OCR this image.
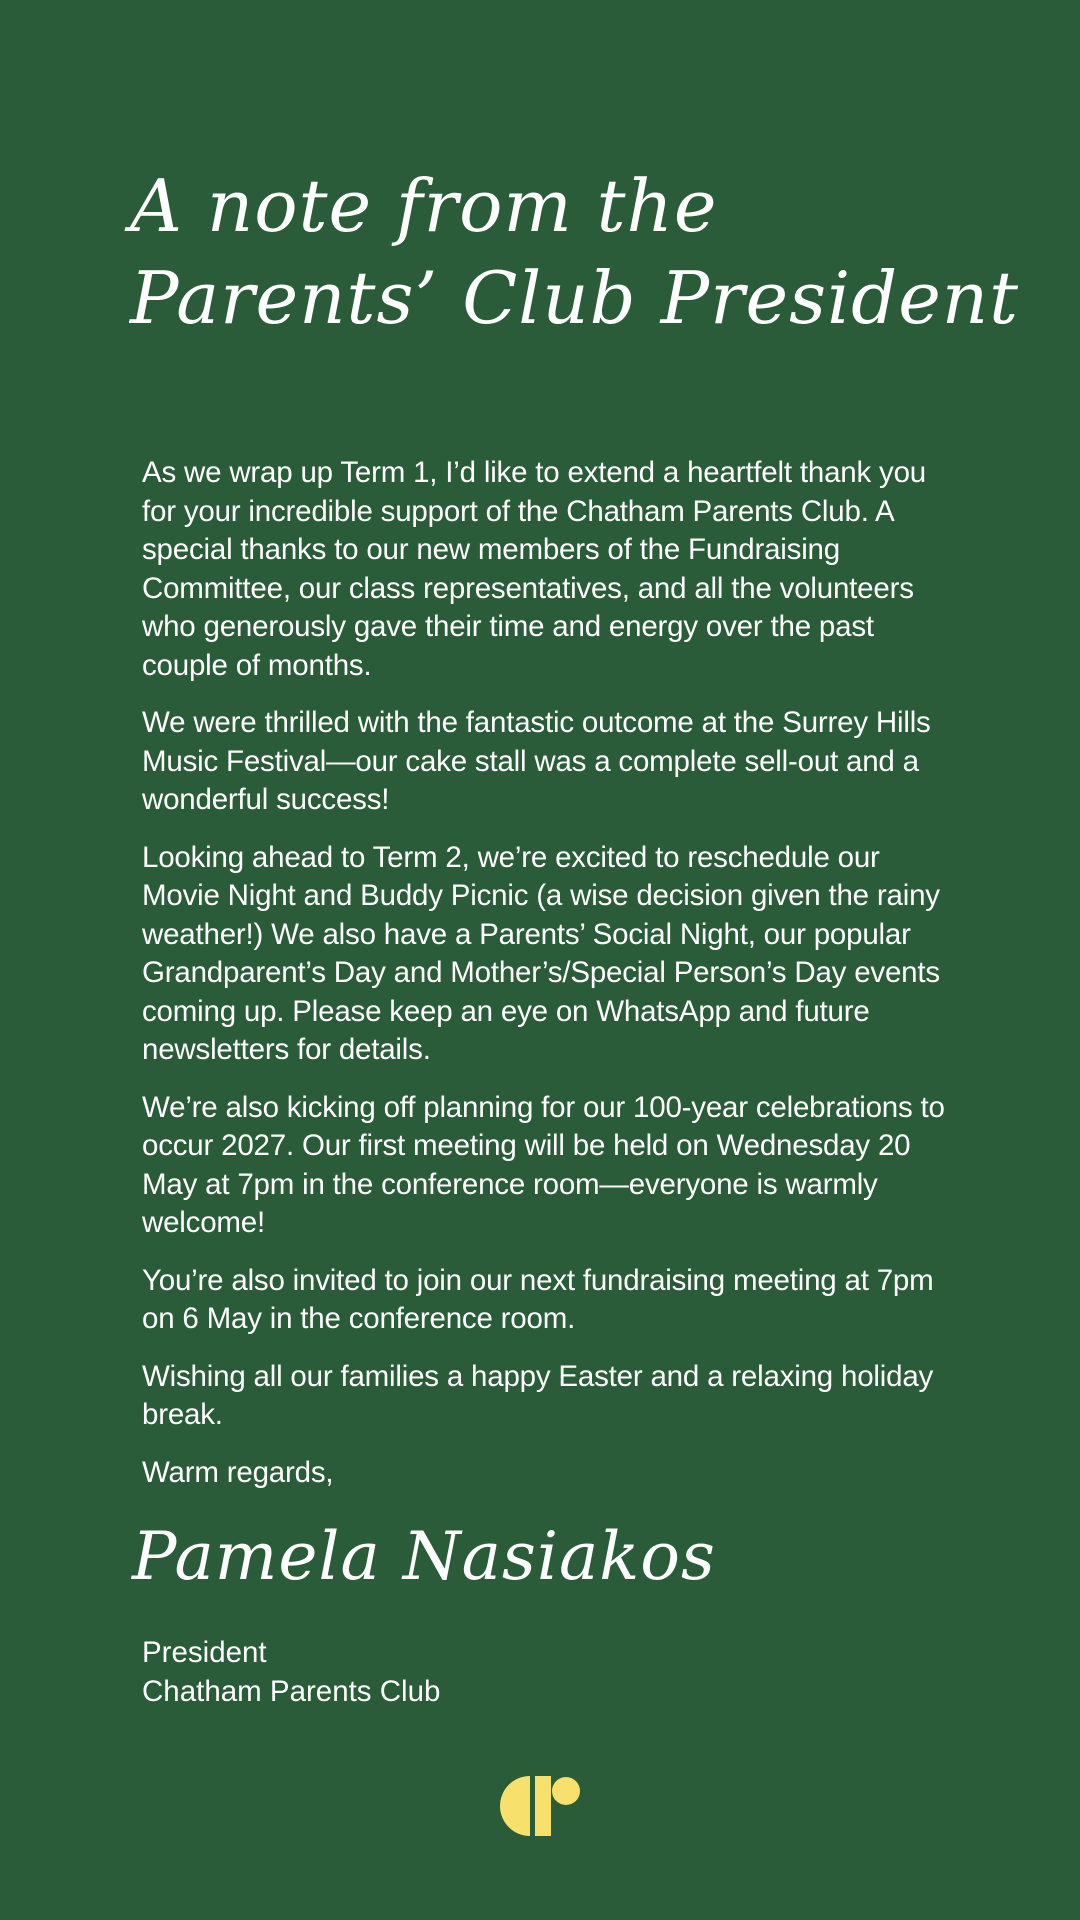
A note from the
Parents’ Club President

As we wrap up Term 1, I’d like to extend a heartfelt thank you for your incredible support of the Chatham Parents Club. A special thanks to our new members of the Fundraising Committee, our class representatives, and all the volunteers who generously gave their time and energy over the past couple of months.

We were thrilled with the fantastic outcome at the Surrey Hills Music Festival—our cake stall was a complete sell-out and a wonderful success!

Looking ahead to Term 2, we’re excited to reschedule our Movie Night and Buddy Picnic (a wise decision given the rainy weather!) We also have a Parents’ Social Night, our popular Grandparent’s Day and Mother’s/Special Person’s Day events coming up. Please keep an eye on WhatsApp and future newsletters for details.

We’re also kicking off planning for our 100-year celebrations to occur 2027. Our first meeting will be held on Wednesday 20 May at 7pm in the conference room—everyone is warmly welcome!

You’re also invited to join our next fundraising meeting at 7pm on 6 May in the conference room.

Wishing all our families a happy Easter and a relaxing holiday break.

Warm regards,

Pamela Nasiakos
President
Chatham Parents Club
